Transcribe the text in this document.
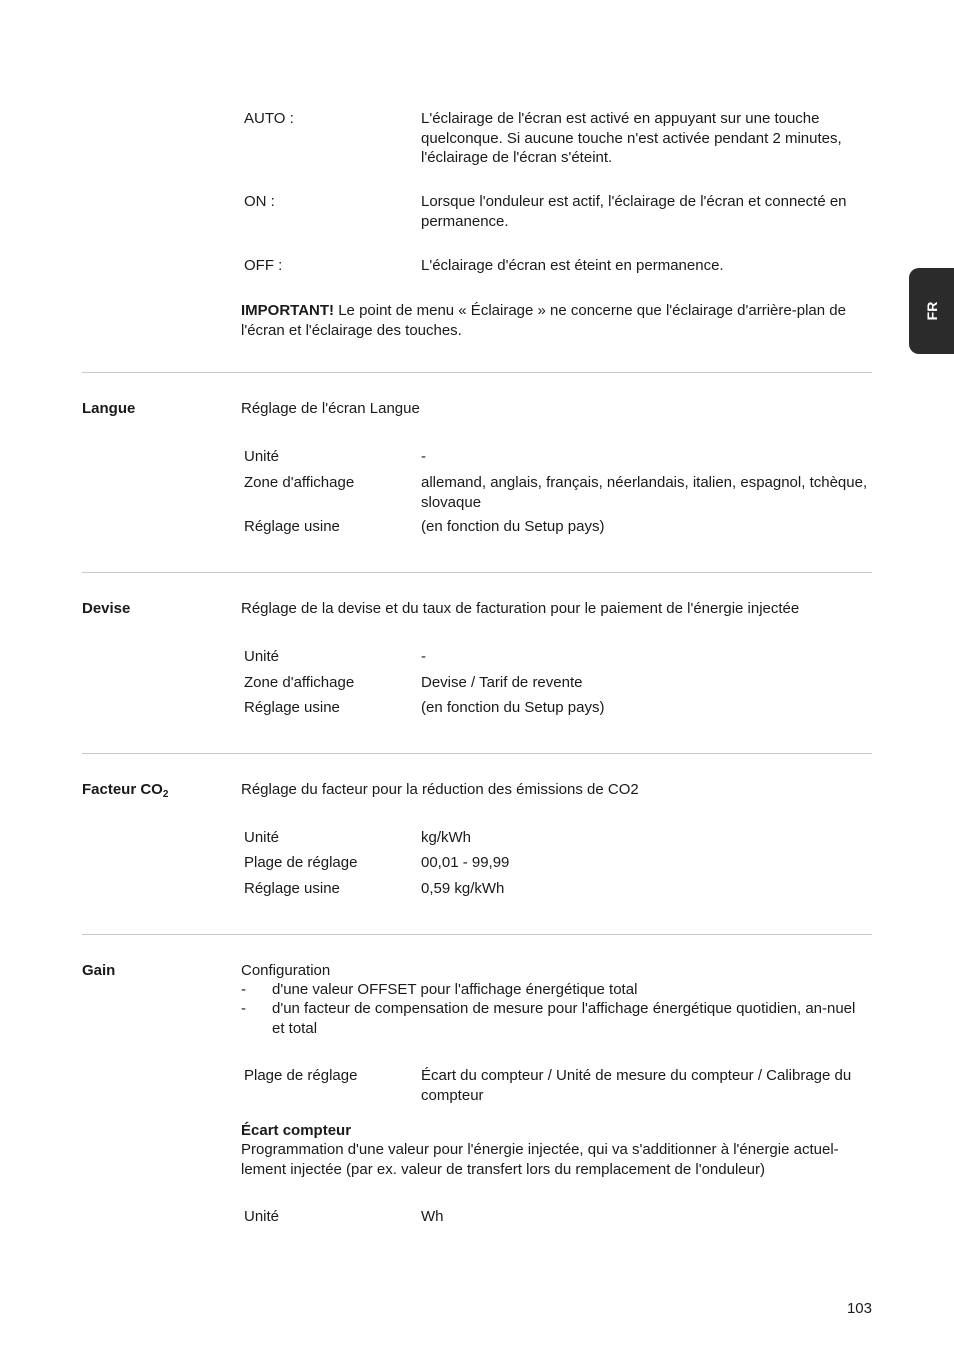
FR
AUTO :	L'éclairage de l'écran est activé en appuyant sur une touche quelconque. Si aucune touche n'est activée pendant 2 minutes, l'éclairage de l'écran s'éteint.
ON :	Lorsque l'onduleur est actif, l'éclairage de l'écran et connecté en permanence.
OFF :	L'éclairage d'écran est éteint en permanence.
IMPORTANT! Le point de menu « Éclairage » ne concerne que l'éclairage d'arrière-plan de l'écran et l'éclairage des touches.
Langue	Réglage de l'écran Langue
Unité	-
Zone d'affichage	allemand, anglais, français, néerlandais, italien, espagnol, tchèque, slovaque
Réglage usine	(en fonction du Setup pays)
Devise	Réglage de la devise et du taux de facturation pour le paiement de l'énergie injectée
Unité	-
Zone d'affichage	Devise / Tarif de revente
Réglage usine	(en fonction du Setup pays)
Facteur $CO_2$	Réglage du facteur pour la réduction des émissions de CO2
Unité	kg/kWh
Plage de réglage	00,01 - 99,99
Réglage usine	0,59 kg/kWh
Gain	Configuration
- d'une valeur OFFSET pour l'affichage énergétique total
- d'un facteur de compensation de mesure pour l'affichage énergétique quotidien, an-nuel et total
Plage de réglage	Écart du compteur / Unité de mesure du compteur / Calibrage du compteur
Écart compteur
Programmation d'une valeur pour l'énergie injectée, qui va s'additionner à l'énergie actuel-lement injectée (par ex. valeur de transfert lors du remplacement de l'onduleur)
Unité	Wh
103
